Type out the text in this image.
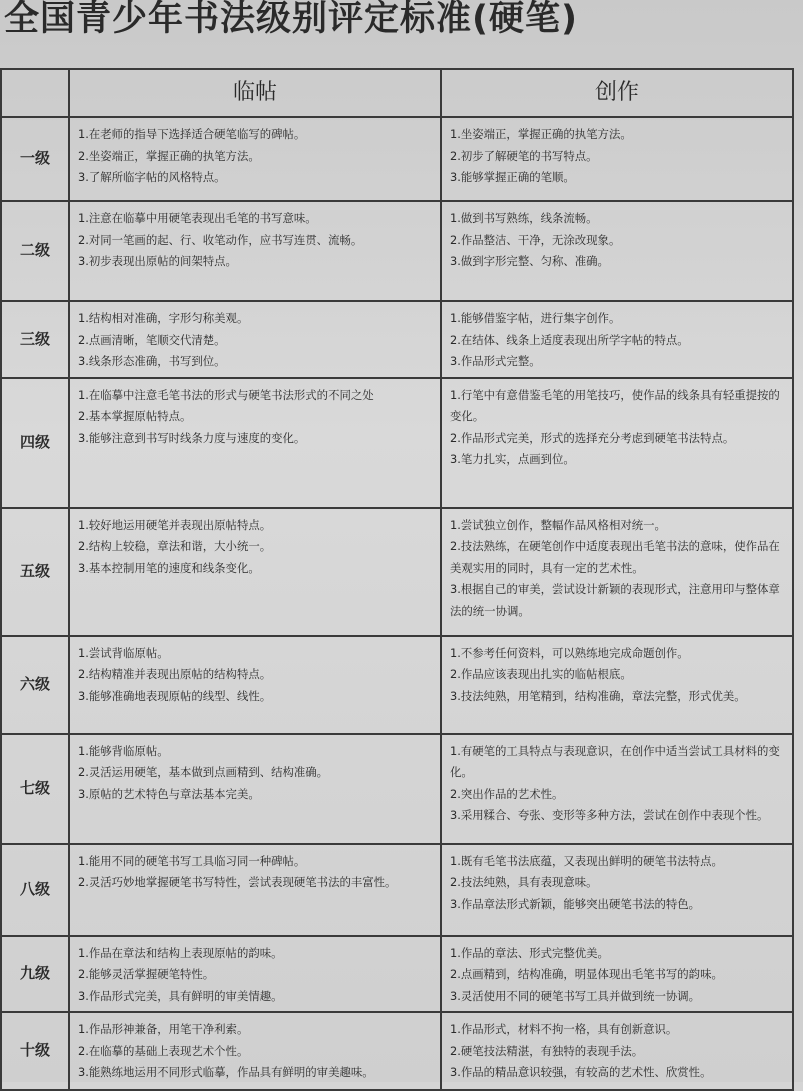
全国青少年书法级别评定标准(硬笔)
	临帖	创作
一级	1.在老师的指导下选择适合硬笔临写的碑帖。
2.坐姿端正，掌握正确的执笔方法。
3.了解所临字帖的风格特点。	1.坐姿端正，掌握正确的执笔方法。
2.初步了解硬笔的书写特点。
3.能够掌握正确的笔顺。

二级	1.注意在临摹中用硬笔表现出毛笔的书写意味。
2.对同一笔画的起、行、收笔动作，应书写连贯、流畅。
3.初步表现出原帖的间架特点。	1.做到书写熟练，线条流畅。
2.作品整洁、干净，无涂改现象。
3.做到字形完整、匀称、准确。

三级	1.结构相对准确，字形匀称美观。
2.点画清晰，笔顺交代清楚。
3.线条形态准确，书写到位。	1.能够借鉴字帖，进行集字创作。
2.在结体、线条上适度表现出所学字帖的特点。
3.作品形式完整。

四级	1.在临摹中注意毛笔书法的形式与硬笔书法形式的不同之处
2.基本掌握原帖特点。
3.能够注意到书写时线条力度与速度的变化。	1.行笔中有意借鉴毛笔的用笔技巧，使作品的线条具有轻重提按的变化。
2.作品形式完美，形式的选择充分考虑到硬笔书法特点。
3.笔力扎实，点画到位。

五级	1.较好地运用硬笔并表现出原帖特点。
2.结构上较稳，章法和谐，大小统一。
3.基本控制用笔的速度和线条变化。	1.尝试独立创作，整幅作品风格相对统一。
2.技法熟练，在硬笔创作中适度表现出毛笔书法的意味，使作品在美观实用的同时，具有一定的艺术性。
3.根据自己的审美，尝试设计新颖的表现形式，注意用印与整体章法的统一协调。

六级	1.尝试背临原帖。
2.结构精准并表现出原帖的结构特点。
3.能够准确地表现原帖的线型、线性。	1.不参考任何资料，可以熟练地完成命题创作。
2.作品应该表现出扎实的临帖根底。
3.技法纯熟，用笔精到，结构准确，章法完整，形式优美。

七级	1.能够背临原帖。
2.灵活运用硬笔，基本做到点画精到、结构准确。
3.原帖的艺术特色与章法基本完美。	1.有硬笔的工具特点与表现意识，在创作中适当尝试工具材料的变化。
2.突出作品的艺术性。
3.采用糅合、夸张、变形等多种方法，尝试在创作中表现个性。

八级	1.能用不同的硬笔书写工具临习同一种碑帖。
2.灵活巧妙地掌握硬笔书写特性，尝试表现硬笔书法的丰富性。	1.既有毛笔书法底蕴，又表现出鲜明的硬笔书法特点。
2.技法纯熟，具有表现意味。
3.作品章法形式新颖，能够突出硬笔书法的特色。

九级	1.作品在章法和结构上表现原帖的韵味。
2.能够灵活掌握硬笔特性。
3.作品形式完美，具有鲜明的审美情趣。	1.作品的章法、形式完整优美。
2.点画精到，结构准确，明显体现出毛笔书写的韵味。
3.灵活使用不同的硬笔书写工具并做到统一协调。

十级	1.作品形神兼备，用笔干净利索。
2.在临摹的基础上表现艺术个性。
3.能熟练地运用不同形式临摹，作品具有鲜明的审美趣味。	1.作品形式，材料不拘一格，具有创新意识。
2.硬笔技法精湛，有独特的表现手法。
3.作品的精品意识较强，有较高的艺术性、欣赏性。
